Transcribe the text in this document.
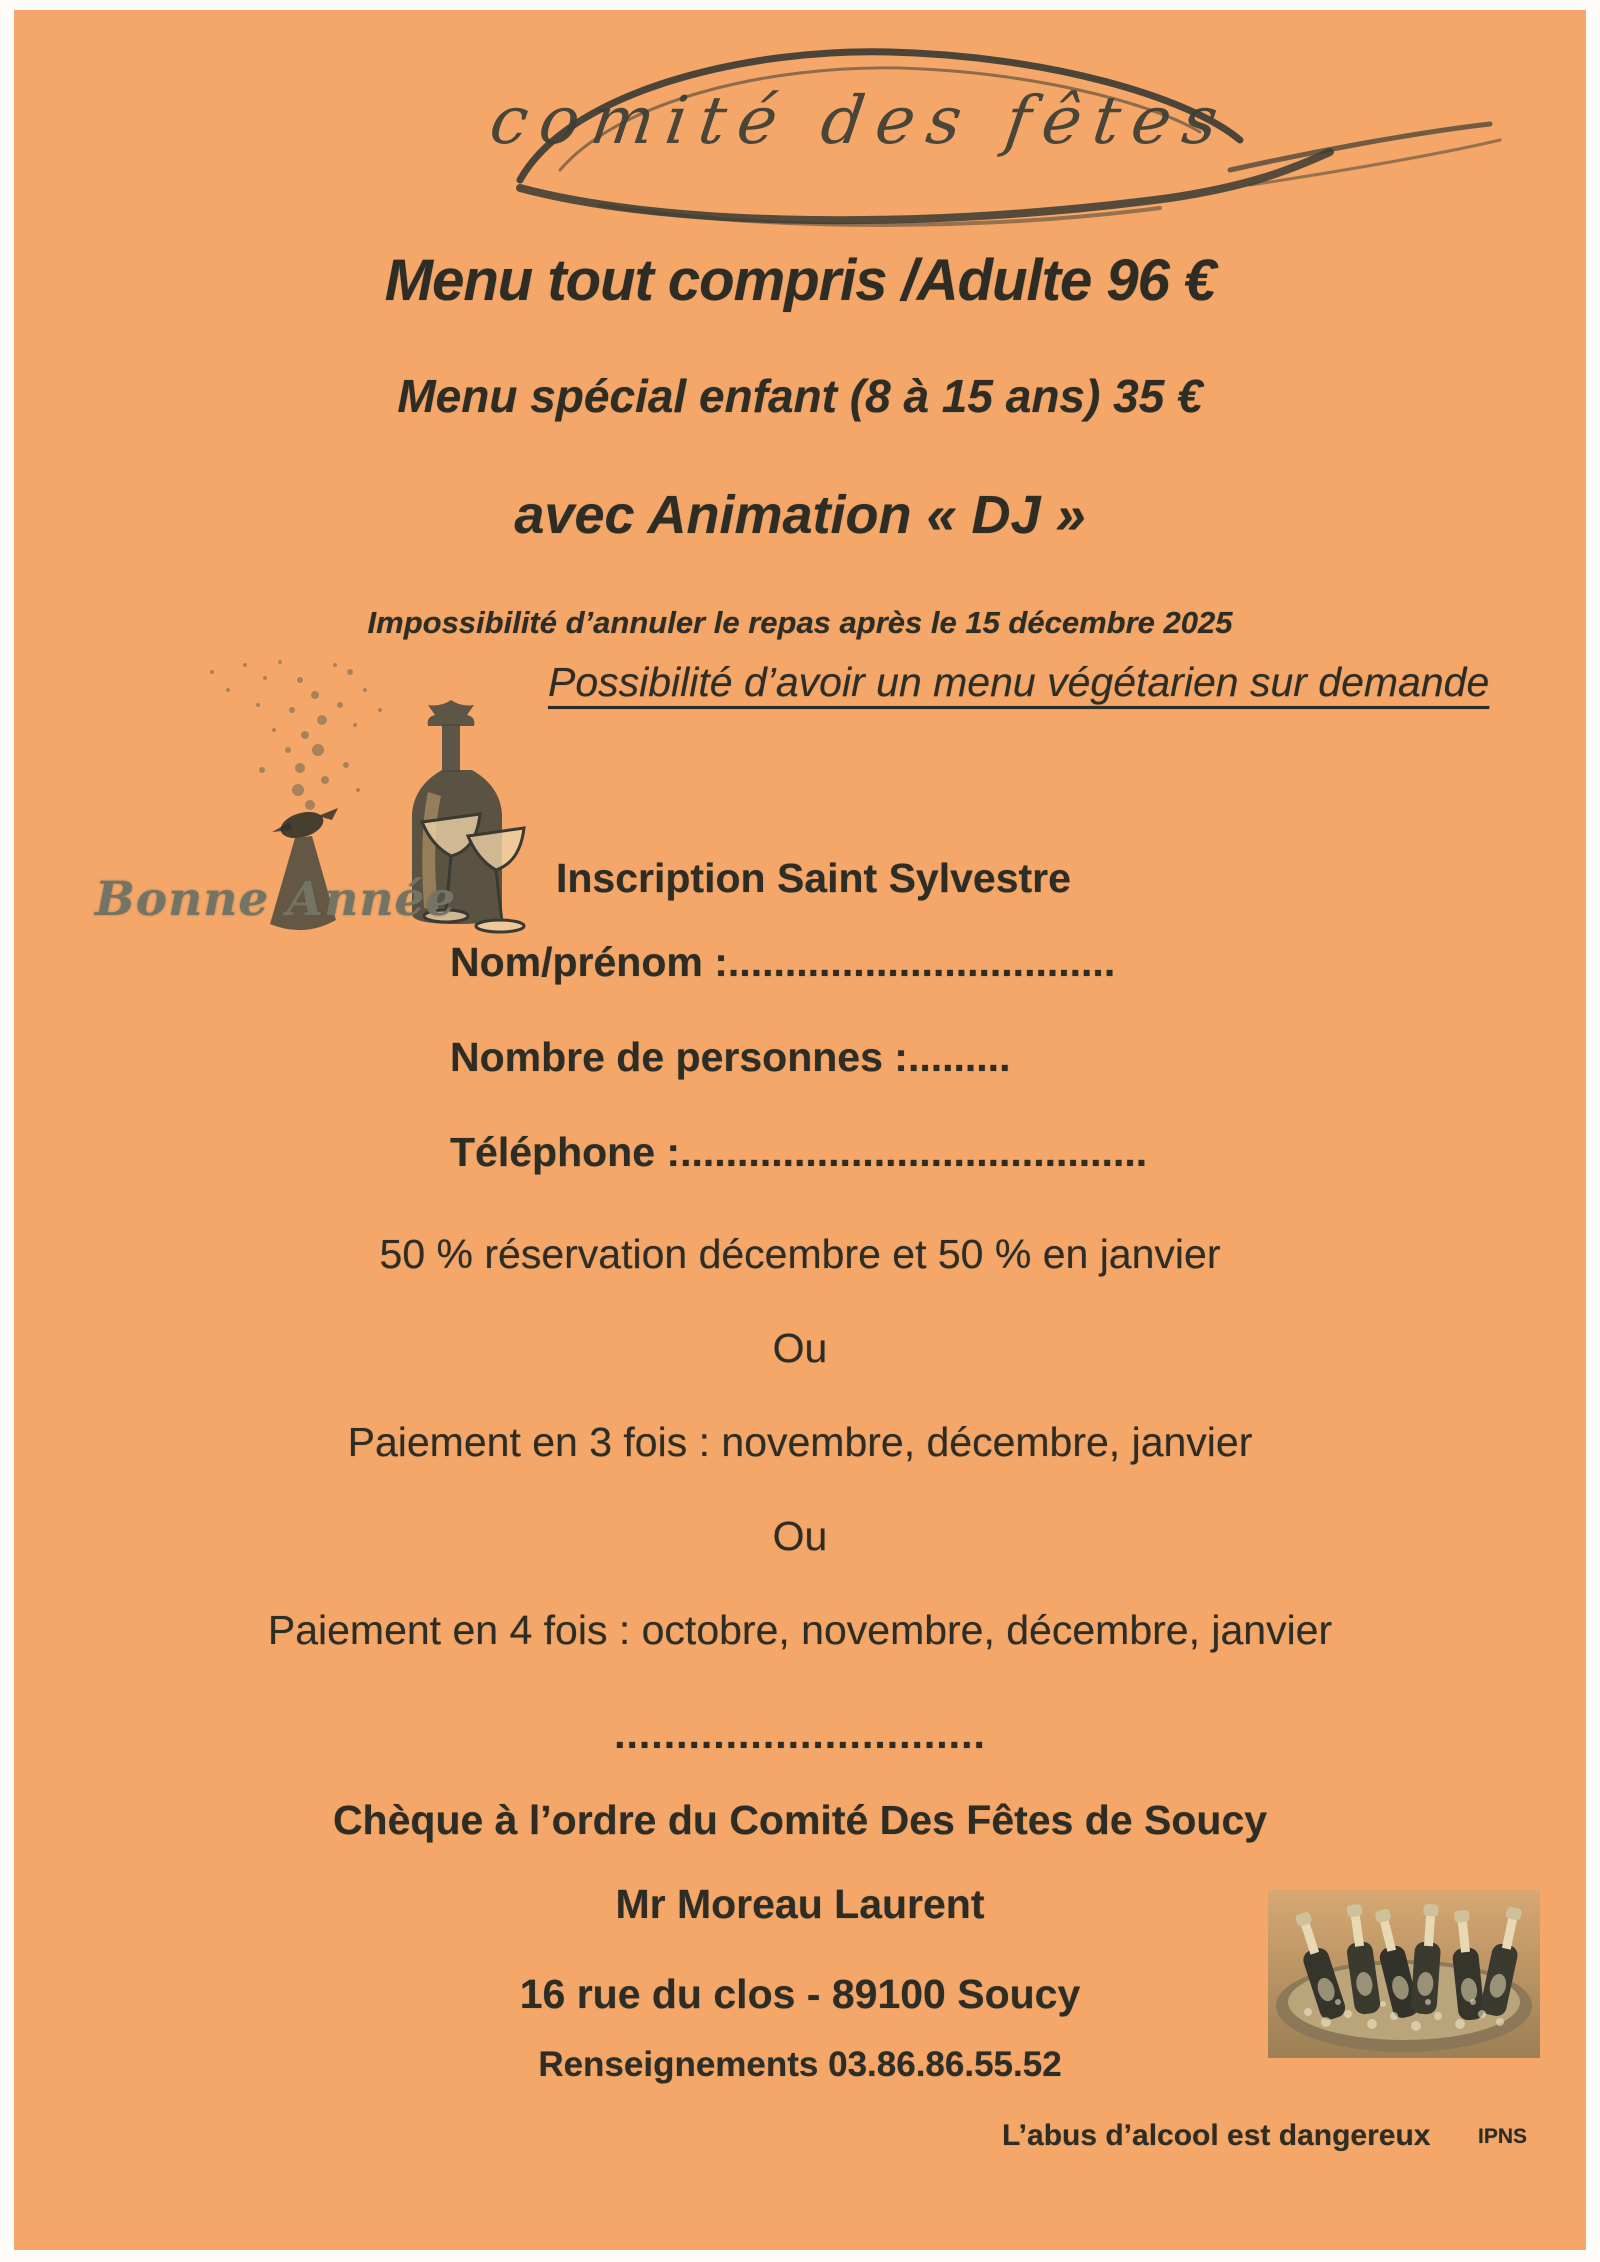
comité des fêtes
Menu tout compris /Adulte 96 €
Menu spécial enfant (8 à 15 ans) 35 €
avec Animation « DJ »
Impossibilité d’annuler le repas après le 15 décembre 2025
Possibilité d’avoir un menu végétarien sur demande
Bonne Année Inscription Saint Sylvestre
Nom/prénom :..................................
Nombre de personnes :.........
Téléphone :.........................................
50 % réservation décembre et 50 % en janvier
Ou
Paiement en 3 fois : novembre, décembre, janvier
Ou
Paiement en 4 fois : octobre, novembre, décembre, janvier
..............................
Chèque à l’ordre du Comité Des Fêtes de Soucy
Mr Moreau Laurent
16 rue du clos - 89100 Soucy
Renseignements 03.86.86.55.52
L’abus d’alcool est dangereux IPNS
